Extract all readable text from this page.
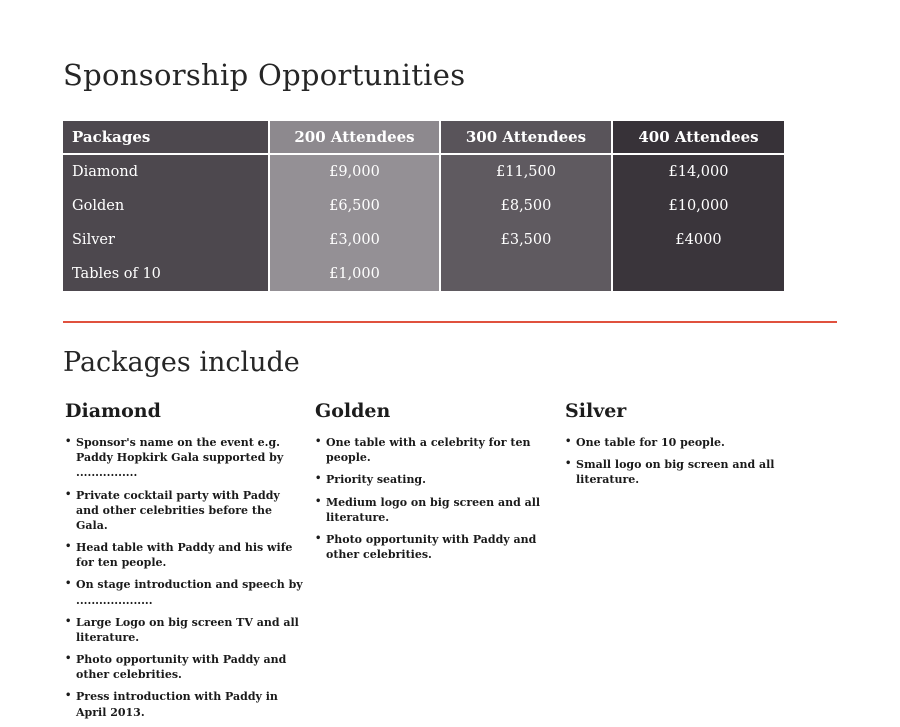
Sponsorship Opportunities
Packages	200 Attendees	300 Attendees	400 Attendees
Diamond	£9,000	£11,500	£14,000
Golden	£6,500	£8,500	£10,000
Silver	£3,000	£3,500	£4000
Tables of 10	£1,000
Packages include
Diamond
• Sponsor's name on the event e.g. Paddy Hopkirk Gala supported by ................
• Private cocktail party with Paddy and other celebrities before the Gala.
• Head table with Paddy and his wife for ten people.
• On stage introduction and speech by ....................
• Large Logo on big screen TV and all literature.
• Photo opportunity with Paddy and other celebrities.
• Press introduction with Paddy in April 2013.
Golden
• One table with a celebrity for ten people.
• Priority seating.
• Medium logo on big screen and all literature.
• Photo opportunity with Paddy and other celebrities.
Silver
• One table for 10 people.
• Small logo on big screen and all literature.
